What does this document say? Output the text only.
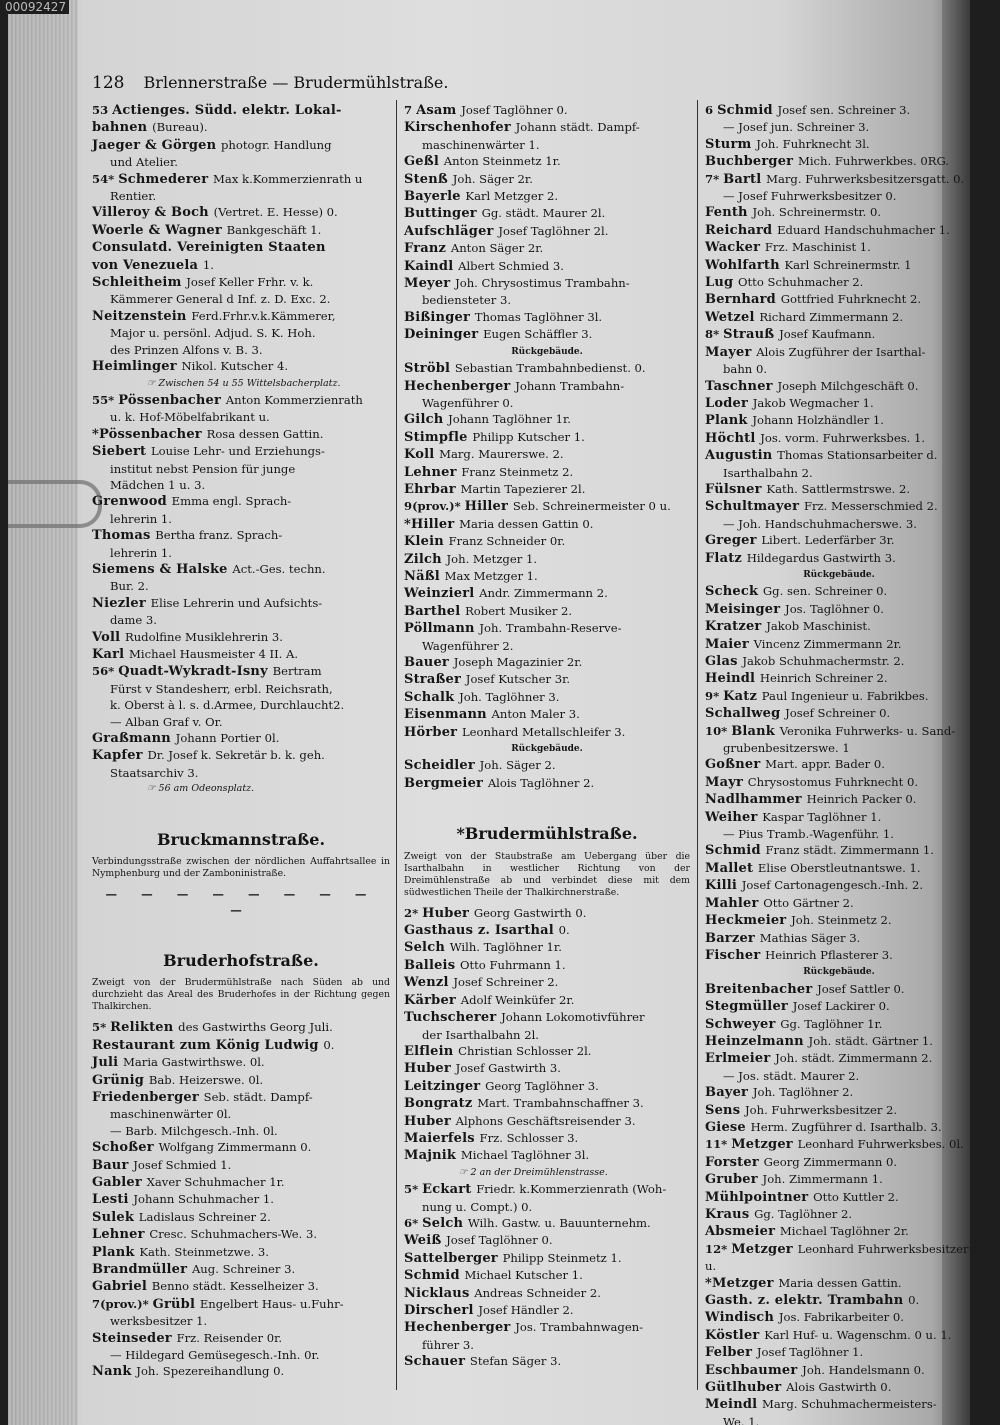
128 Brlennerstraße — Brudermühlstraße.
53 Actienges. Südd. elektr. Lokal-
bahnen (Bureau).
Jaeger & Görgen photogr. Handlung
und Atelier.
54* Schmederer Max k.Kommerzienrath u
Rentier.
Villeroy & Boch (Vertret. E. Hesse) 0.
Woerle & Wagner Bankgeschäft 1.
Consulatd. Vereinigten Staaten
von Venezuela 1.
Schleitheim Josef Keller Frhr. v. k.
Kämmerer General d Inf. z. D. Exc. 2.
Neitzenstein Ferd.Frhr.v.k.Kämmerer,
Major u. persönl. Adjud. S. K. Hoh.
des Prinzen Alfons v. B. 3.
Heimlinger Nikol. Kutscher 4.
☞ Zwischen 54 u 55 Wittelsbacherplatz.
55* Pössenbacher Anton Kommerzienrath
u. k. Hof-Möbelfabrikant u.
*Pössenbacher Rosa dessen Gattin.
Siebert Louise Lehr- und Erziehungs-
institut nebst Pension für junge
Mädchen 1 u. 3.
Grenwood Emma engl. Sprach-
lehrerin 1.
Thomas Bertha franz. Sprach-
lehrerin 1.
Siemens & Halske Act.-Ges. techn.
Bur. 2.
Niezler Elise Lehrerin und Aufsichts-
dame 3.
Voll Rudolfine Musiklehrerin 3.
Karl Michael Hausmeister 4 II. A.
56* Quadt-Wykradt-Isny Bertram
Fürst v Standesherr, erbl. Reichsrath,
k. Oberst à l. s. d.Armee, Durchlaucht2.
— Alban Graf v. Or.
Graßmann Johann Portier 0l.
Kapfer Dr. Josef k. Sekretär b. k. geh.
Staatsarchiv 3.
☞ 56 am Odeonsplatz.
Bruckmannstraße.
Verbindungsstraße zwischen der nördlichen Auffahrtsallee in Nymphenburg und der Zamboninistraße.
— — — — — — — — —
Bruderhofstraße.
Zweigt von der Brudermühlstraße nach Süden ab und durchzieht das Areal des Bruderhofes in der Richtung gegen Thalkirchen.
5* Relikten des Gastwirths Georg Juli.
Restaurant zum König Ludwig 0.
Juli Maria Gastwirthswe. 0l.
Grünig Bab. Heizerswe. 0l.
Friedenberger Seb. städt. Dampf-
maschinenwärter 0l.
— Barb. Milchgesch.-Inh. 0l.
Schoßer Wolfgang Zimmermann 0.
Baur Josef Schmied 1.
Gabler Xaver Schuhmacher 1r.
Lesti Johann Schuhmacher 1.
Sulek Ladislaus Schreiner 2.
Lehner Cresc. Schuhmachers-We. 3.
Plank Kath. Steinmetzwe. 3.
Brandmüller Aug. Schreiner 3.
Gabriel Benno städt. Kesselheizer 3.
7(prov.)* Grübl Engelbert Haus- u.Fuhr-
werksbesitzer 1.
Steinseder Frz. Reisender 0r.
— Hildegard Gemüsegesch.-Inh. 0r.
Nank Joh. Spezereihandlung 0.
7 Asam Josef Taglöhner 0.
Kirschenhofer Johann städt. Dampf-
maschinenwärter 1.
Geßl Anton Steinmetz 1r.
Stenß Joh. Säger 2r.
Bayerle Karl Metzger 2.
Buttinger Gg. städt. Maurer 2l.
Aufschläger Josef Taglöhner 2l.
Franz Anton Säger 2r.
Kaindl Albert Schmied 3.
Meyer Joh. Chrysostimus Trambahn-
bediensteter 3.
Bißinger Thomas Taglöhner 3l.
Deininger Eugen Schäffler 3.
Rückgebäude.
Ströbl Sebastian Trambahnbedienst. 0.
Hechenberger Johann Trambahn-
Wagenführer 0.
Gilch Johann Taglöhner 1r.
Stimpfle Philipp Kutscher 1.
Koll Marg. Maurerswe. 2.
Lehner Franz Steinmetz 2.
Ehrbar Martin Tapezierer 2l.
9(prov.)* Hiller Seb. Schreinermeister 0 u.
*Hiller Maria dessen Gattin 0.
Klein Franz Schneider 0r.
Zilch Joh. Metzger 1.
Näßl Max Metzger 1.
Weinzierl Andr. Zimmermann 2.
Barthel Robert Musiker 2.
Pöllmann Joh. Trambahn-Reserve-
Wagenführer 2.
Bauer Joseph Magazinier 2r.
Straßer Josef Kutscher 3r.
Schalk Joh. Taglöhner 3.
Eisenmann Anton Maler 3.
Hörber Leonhard Metallschleifer 3.
Rückgebäude.
Scheidler Joh. Säger 2.
Bergmeier Alois Taglöhner 2.
*Brudermühlstraße.
Zweigt von der Staubstraße am Uebergang über die Isarthalbahn in westlicher Richtung von der Dreimühlenstraße ab und verbindet diese mit dem südwestlichen Theile der Thalkirchnerstraße.
2* Huber Georg Gastwirth 0.
Gasthaus z. Isarthal 0.
Selch Wilh. Taglöhner 1r.
Balleis Otto Fuhrmann 1.
Wenzl Josef Schreiner 2.
Kärber Adolf Weinküfer 2r.
Tuchscherer Johann Lokomotivführer
der Isarthalbahn 2l.
Elflein Christian Schlosser 2l.
Huber Josef Gastwirth 3.
Leitzinger Georg Taglöhner 3.
Bongratz Mart. Trambahnschaffner 3.
Huber Alphons Geschäftsreisender 3.
Maierfels Frz. Schlosser 3.
Majnik Michael Taglöhner 3l.
☞ 2 an der Dreimühlenstrasse.
5* Eckart Friedr. k.Kommerzienrath (Woh-
nung u. Compt.) 0.
6* Selch Wilh. Gastw. u. Bauunternehm.
Weiß Josef Taglöhner 0.
Sattelberger Philipp Steinmetz 1.
Schmid Michael Kutscher 1.
Nicklaus Andreas Schneider 2.
Dirscherl Josef Händler 2.
Hechenberger Jos. Trambahnwagen-
führer 3.
Schauer Stefan Säger 3.
6 Schmid Josef sen. Schreiner 3.
— Josef jun. Schreiner 3.
Sturm Joh. Fuhrknecht 3l.
Buchberger Mich. Fuhrwerkbes. 0RG.
7* Bartl Marg. Fuhrwerksbesitzersgatt. 0.
— Josef Fuhrwerksbesitzer 0.
Fenth Joh. Schreinermstr. 0.
Reichard Eduard Handschuhmacher 1.
Wacker Frz. Maschinist 1.
Wohlfarth Karl Schreinermstr. 1
Lug Otto Schuhmacher 2.
Bernhard Gottfried Fuhrknecht 2.
Wetzel Richard Zimmermann 2.
8* Strauß Josef Kaufmann.
Mayer Alois Zugführer der Isarthal-
bahn 0.
Taschner Joseph Milchgeschäft 0.
Loder Jakob Wegmacher 1.
Plank Johann Holzhändler 1.
Höchtl Jos. vorm. Fuhrwerksbes. 1.
Augustin Thomas Stationsarbeiter d.
Isarthalbahn 2.
Fülsner Kath. Sattlermstrswe. 2.
Schultmayer Frz. Messerschmied 2.
— Joh. Handschuhmacherswe. 3.
Greger Libert. Lederfärber 3r.
Flatz Hildegardus Gastwirth 3.
Rückgebäude.
Scheck Gg. sen. Schreiner 0.
Meisinger Jos. Taglöhner 0.
Kratzer Jakob Maschinist.
Maier Vincenz Zimmermann 2r.
Glas Jakob Schuhmachermstr. 2.
Heindl Heinrich Schreiner 2.
9* Katz Paul Ingenieur u. Fabrikbes.
Schallweg Josef Schreiner 0.
10* Blank Veronika Fuhrwerks- u. Sand-
grubenbesitzerswe. 1
Goßner Mart. appr. Bader 0.
Mayr Chrysostomus Fuhrknecht 0.
Nadlhammer Heinrich Packer 0.
Weiher Kaspar Taglöhner 1.
— Pius Tramb.-Wagenführ. 1.
Schmid Franz städt. Zimmermann 1.
Mallet Elise Oberstleutnantswe. 1.
Killi Josef Cartonagengesch.-Inh. 2.
Mahler Otto Gärtner 2.
Heckmeier Joh. Steinmetz 2.
Barzer Mathias Säger 3.
Fischer Heinrich Pflasterer 3.
Rückgebäude.
Breitenbacher Josef Sattler 0.
Stegmüller Josef Lackirer 0.
Schweyer Gg. Taglöhner 1r.
Heinzelmann Joh. städt. Gärtner 1.
Erlmeier Joh. städt. Zimmermann 2.
— Jos. städt. Maurer 2.
Bayer Joh. Taglöhner 2.
Sens Joh. Fuhrwerksbesitzer 2.
Giese Herm. Zugführer d. Isarthalb. 3.
11* Metzger Leonhard Fuhrwerksbes. 0l.
Forster Georg Zimmermann 0.
Gruber Joh. Zimmermann 1.
Mühlpointner Otto Kuttler 2.
Kraus Gg. Taglöhner 2.
Absmeier Michael Taglöhner 2r.
12* Metzger Leonhard Fuhrwerksbesitzer u.
*Metzger Maria dessen Gattin.
Gasth. z. elektr. Trambahn 0.
Windisch Jos. Fabrikarbeiter 0.
Köstler Karl Huf- u. Wagenschm. 0 u. 1.
Felber Josef Taglöhner 1.
Eschbaumer Joh. Handelsmann 0.
Gütlhuber Alois Gastwirth 0.
Meindl Marg. Schuhmachermeisters-
We. 1.
00092427
